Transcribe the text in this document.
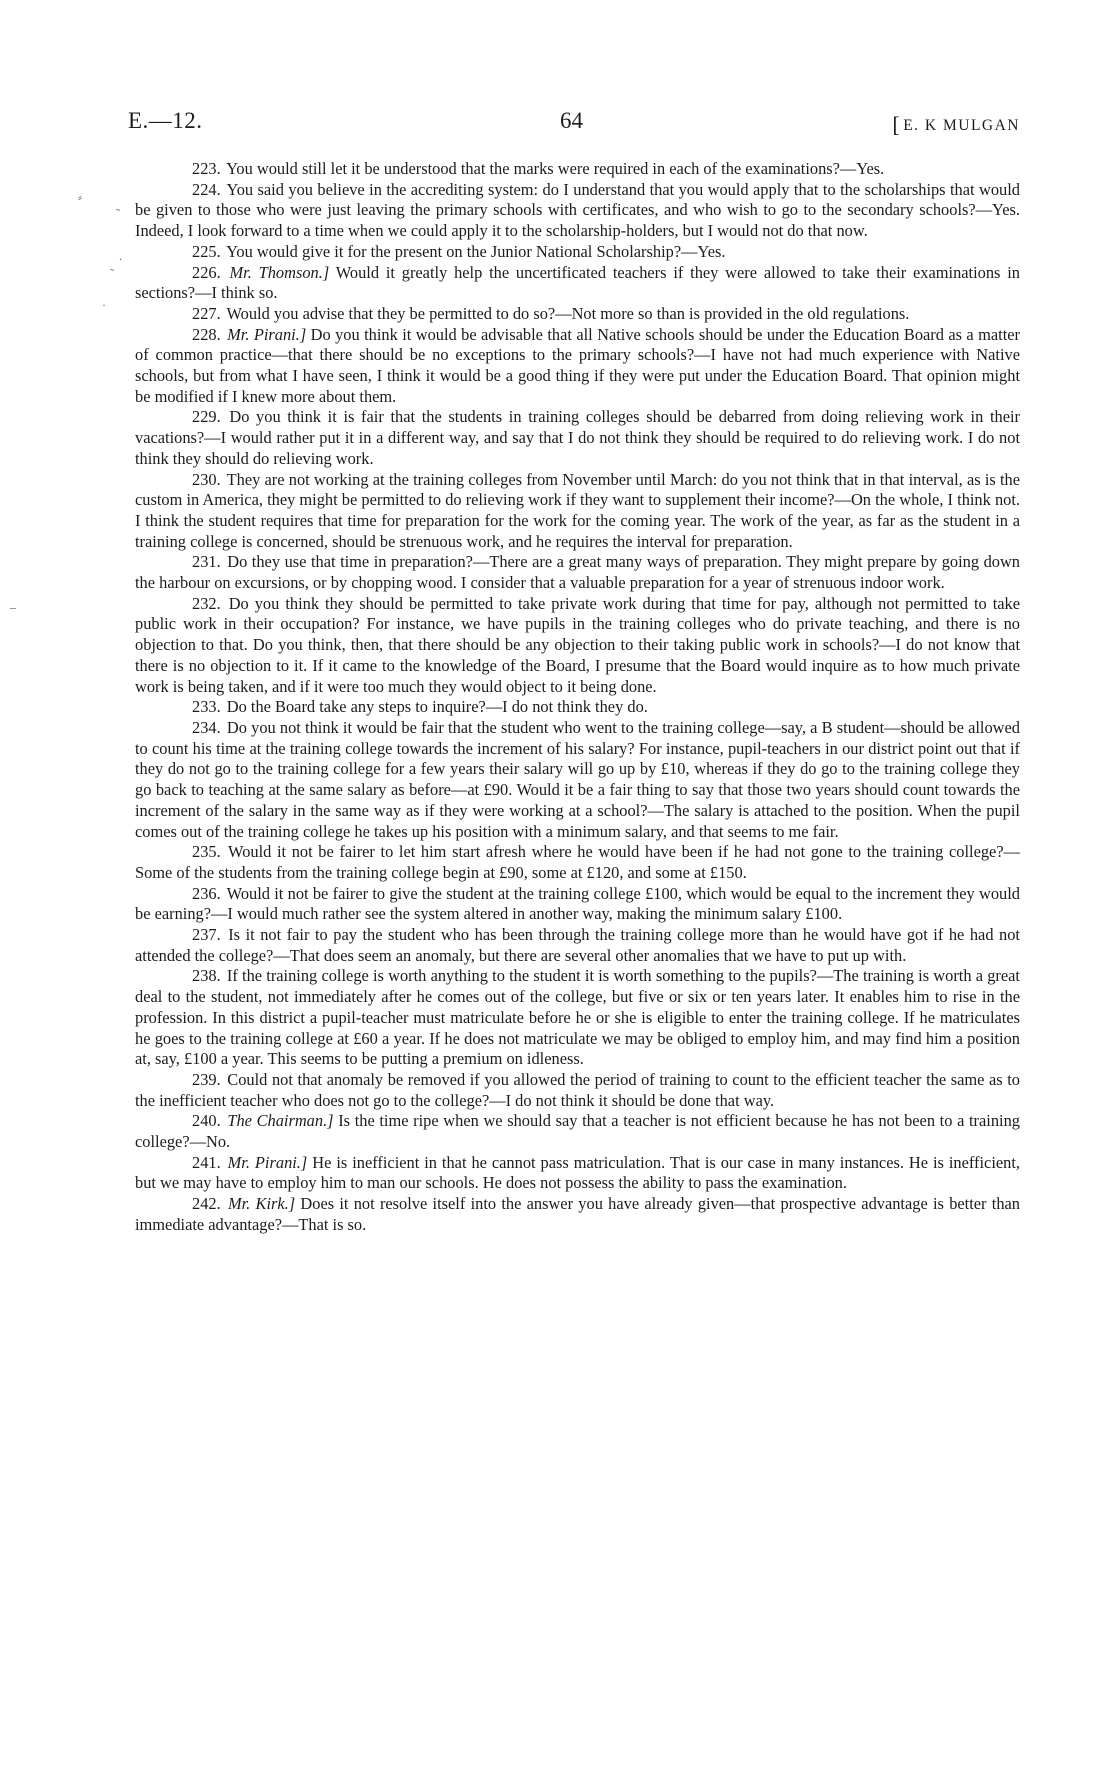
E.—12.	64	[ E. K MULGAN
⸗
˜
.
˜
·
–

223. You would still let it be understood that the marks were required in each of the examinations?—Yes.

224. You said you believe in the accrediting system: do I understand that you would apply that to the scholarships that would be given to those who were just leaving the primary schools with certificates, and who wish to go to the secondary schools?—Yes. Indeed, I look forward to a time when we could apply it to the scholarship-holders, but I would not do that now.

225. You would give it for the present on the Junior National Scholarship?—Yes.

226. Mr. Thomson.] Would it greatly help the uncertificated teachers if they were allowed to take their examinations in sections?—I think so.

227. Would you advise that they be permitted to do so?—Not more so than is provided in the old regulations.

228. Mr. Pirani.] Do you think it would be advisable that all Native schools should be under the Education Board as a matter of common practice—that there should be no exceptions to the primary schools?—I have not had much experience with Native schools, but from what I have seen, I think it would be a good thing if they were put under the Education Board. That opinion might be modified if I knew more about them.

229. Do you think it is fair that the students in training colleges should be debarred from doing relieving work in their vacations?—I would rather put it in a different way, and say that I do not think they should be required to do relieving work. I do not think they should do relieving work.

230. They are not working at the training colleges from November until March: do you not think that in that interval, as is the custom in America, they might be permitted to do relieving work if they want to supplement their income?—On the whole, I think not. I think the student requires that time for preparation for the work for the coming year. The work of the year, as far as the student in a training college is concerned, should be strenuous work, and he requires the interval for preparation.

231. Do they use that time in preparation?—There are a great many ways of preparation. They might prepare by going down the harbour on excursions, or by chopping wood. I consider that a valuable preparation for a year of strenuous indoor work.

232. Do you think they should be permitted to take private work during that time for pay, although not permitted to take public work in their occupation? For instance, we have pupils in the training colleges who do private teaching, and there is no objection to that. Do you think, then, that there should be any objection to their taking public work in schools?—I do not know that there is no objection to it. If it came to the knowledge of the Board, I presume that the Board would inquire as to how much private work is being taken, and if it were too much they would object to it being done.

233. Do the Board take any steps to inquire?—I do not think they do.

234. Do you not think it would be fair that the student who went to the training college—say, a B student—should be allowed to count his time at the training college towards the increment of his salary? For instance, pupil-teachers in our district point out that if they do not go to the training college for a few years their salary will go up by £10, whereas if they do go to the training college they go back to teaching at the same salary as before—at £90. Would it be a fair thing to say that those two years should count towards the increment of the salary in the same way as if they were working at a school?—The salary is attached to the position. When the pupil comes out of the training college he takes up his position with a minimum salary, and that seems to me fair.

235. Would it not be fairer to let him start afresh where he would have been if he had not gone to the training college?—Some of the students from the training college begin at £90, some at £120, and some at £150.

236. Would it not be fairer to give the student at the training college £100, which would be equal to the increment they would be earning?—I would much rather see the system altered in another way, making the minimum salary £100.

237. Is it not fair to pay the student who has been through the training college more than he would have got if he had not attended the college?—That does seem an anomaly, but there are several other anomalies that we have to put up with.

238. If the training college is worth anything to the student it is worth something to the pupils?—The training is worth a great deal to the student, not immediately after he comes out of the college, but five or six or ten years later. It enables him to rise in the profession. In this district a pupil-teacher must matriculate before he or she is eligible to enter the training college. If he matriculates he goes to the training college at £60 a year. If he does not matriculate we may be obliged to employ him, and may find him a position at, say, £100 a year. This seems to be putting a premium on idleness.

239. Could not that anomaly be removed if you allowed the period of training to count to the efficient teacher the same as to the inefficient teacher who does not go to the college?—I do not think it should be done that way.

240. The Chairman.] Is the time ripe when we should say that a teacher is not efficient because he has not been to a training college?—No.

241. Mr. Pirani.] He is inefficient in that he cannot pass matriculation. That is our case in many instances. He is inefficient, but we may have to employ him to man our schools. He does not possess the ability to pass the examination.

242. Mr. Kirk.] Does it not resolve itself into the answer you have already given—that prospective advantage is better than immediate advantage?—That is so.
